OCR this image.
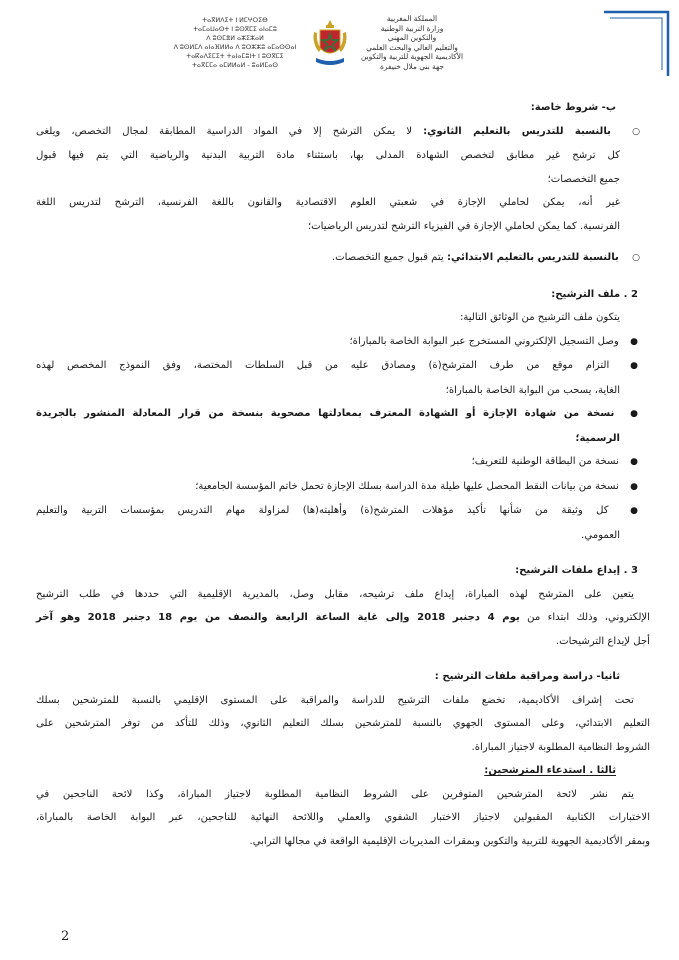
ⵜⴰⴳⵍⴷⵉⵜ ⵏ ⵍⵎⵖⵔⵉⴱ
ⵜⴰⵎⴰⵡⴰⵙⵜ ⵏ ⵓⵙⴳⵎⵉ ⴰⵏⴰⵎⵓ
ⴷ ⵓⵙⵎⴻⵍ ⴰⵣⵉⵣⴰⵍ
ⴷ ⵓⵙⵍⵎⴷ ⴰⵏⴰⴼⵍⵍⴰ ⴷ ⵓⵔⵣⵣⵓ ⴰⵎⴰⵙⵙⴰⵏ
ⵜⴰⴽⴰⴷⵉⵎⵉⵜ ⵜⴰⵏⴰⵎⵓⵏⵜ ⵏ ⵓⵙⴳⵎⵉ
ⵜⴰⴳⵎⵎⴰ ⴰⵎⵍⵍⴰⵍ - ⵓⴰⵍⵎⴰⵙ
المملكة المغربية
وزارة التربية الوطنية
والتكوين المهني
والتعليم العالي والبحث العلمي
الأكاديمية الجهوية للتربية والتكوين
جهة بني ملال خنيفرة
ب- شروط خاصة:
○ بالنسبة للتدريس بالتعليم الثانوي: لا يمكن الترشح إلا في المواد الدراسية المطابقة لمجال التخصص، ويلغى
كل ترشح غير مطابق لتخصص الشهادة المدلى بها، باستثناء مادة التربية البدنية والرياضية التي يتم فيها قبول
جميع التخصصات؛
غير أنه، يمكن لحاملي الإجازة في شعبتي العلوم الاقتصادية والقانون باللغة الفرنسية، الترشح لتدريس اللغة
الفرنسية. كما يمكن لحاملي الإجازة في الفيزياء الترشح لتدريس الرياضيات؛
○ بالنسبة للتدريس بالتعليم الابتدائي: يتم قبول جميع التخصصات.
2 . ملف الترشيح:
يتكون ملف الترشيح من الوثائق التالية:
● وصل التسجيل الإلكتروني المستخرج عبر البوابة الخاصة بالمباراة؛
● التزام موقع من طرف المترشح(ة) ومصادق عليه من قبل السلطات المختصة، وفق النموذج المخصص لهذه
الغاية، يسحب من البوابة الخاصة بالمباراة؛
● نسخة من شهادة الإجازة أو الشهادة المعترف بمعادلتها مصحوبة بنسخة من قرار المعادلة المنشور بالجريدة
الرسمية؛
● نسخة من البطاقة الوطنية للتعريف؛
● نسخة من بيانات النقط المحصل عليها طيلة مدة الدراسة بسلك الإجازة تحمل خاتم المؤسسة الجامعية؛
● كل وثيقة من شأنها تأكيد مؤهلات المترشح(ة) وأهليته(ها) لمزاولة مهام التدريس بمؤسسات التربية والتعليم
العمومي.
3 . إيداع ملفات الترشيح:
يتعين على المترشح لهذه المباراة، إيداع ملف ترشيحه، مقابل وصل، بالمديرية الإقليمية التي حددها في طلب الترشيح
الإلكتروني، وذلك ابتداء من يوم 4 دجنبر 2018 وإلى غاية الساعة الرابعة والنصف من يوم 18 دجنبر 2018 وهو آخر
أجل لإيداع الترشيحات.
ثانيا- دراسة ومراقبة ملفات الترشيح :
تحت إشراف الأكاديمية، تخضع ملفات الترشيح للدراسة والمراقبة على المستوى الإقليمي بالنسبة للمترشحين بسلك
التعليم الابتدائي، وعلى المستوى الجهوي بالنسبة للمترشحين بسلك التعليم الثانوي، وذلك للتأكد من توفر المترشحين على
الشروط النظامية المطلوبة لاجتياز المباراة.
ثالثا . استدعاء المترشحين:
يتم نشر لائحة المترشحين المتوفرين على الشروط النظامية المطلوبة لاجتياز المباراة، وكذا لائحة الناجحين في
الاختبارات الكتابية المقبولين لاجتياز الاختبار الشفوي والعملي واللائحة النهائية للناجحين، عبر البوابة الخاصة بالمباراة،
وبمقر الأكاديمية الجهوية للتربية والتكوين وبمقرات المديريات الإقليمية الواقعة في مجالها الترابي.
2
